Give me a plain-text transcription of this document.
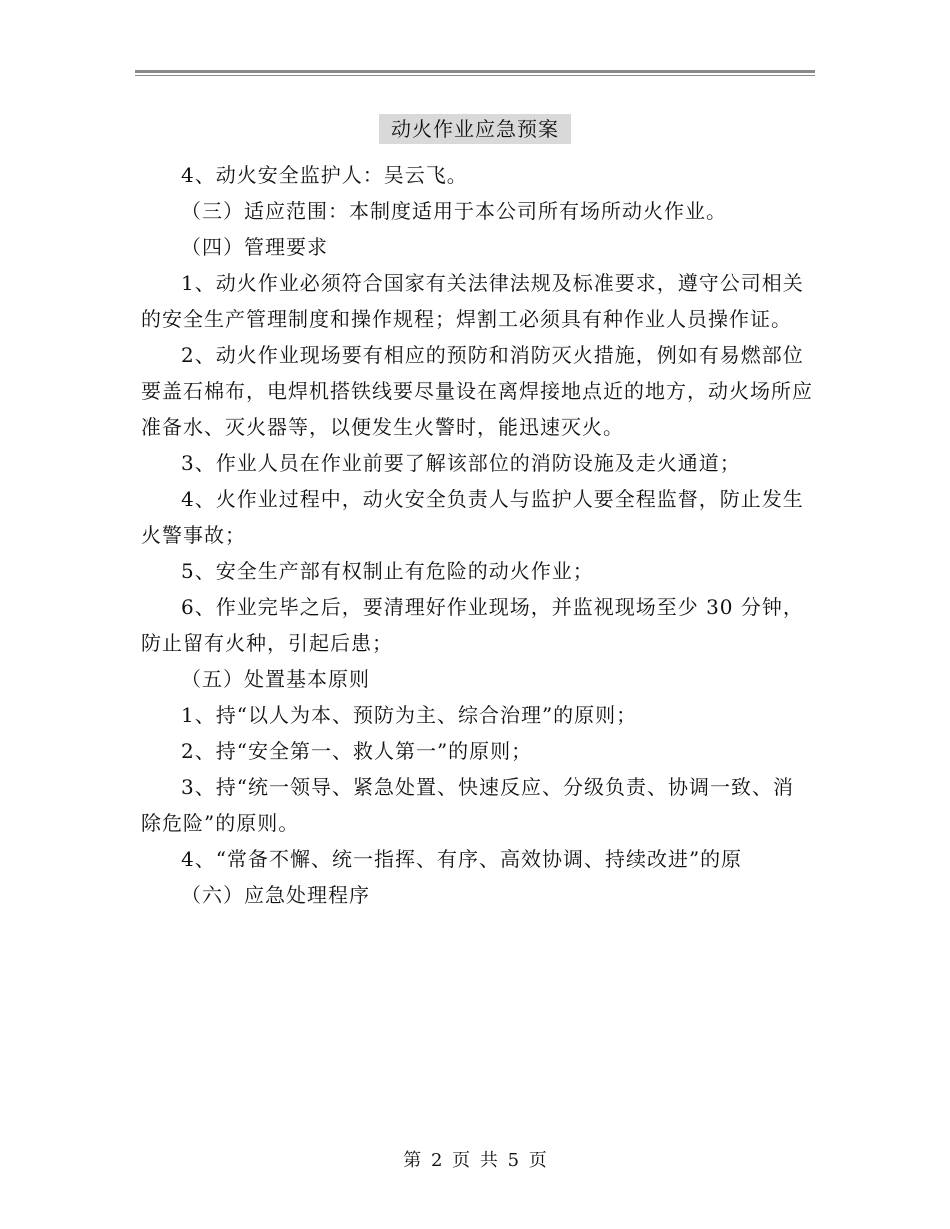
动火作业应急预案

4、动火安全监护人：吴云飞。

（三）适应范围：本制度适用于本公司所有场所动火作业。

（四）管理要求

1、动火作业必须符合国家有关法律法规及标准要求，遵守公司相关的安全生产管理制度和操作规程；焊割工必须具有种作业人员操作证。

2、动火作业现场要有相应的预防和消防灭火措施，例如有易燃部位要盖石棉布，电焊机搭铁线要尽量设在离焊接地点近的地方，动火场所应准备水、灭火器等，以便发生火警时，能迅速灭火。

3、作业人员在作业前要了解该部位的消防设施及走火通道；

4、火作业过程中，动火安全负责人与监护人要全程监督，防止发生火警事故；

5、安全生产部有权制止有危险的动火作业；

6、作业完毕之后，要清理好作业现场，并监视现场至少 30 分钟，防止留有火种，引起后患；

（五）处置基本原则

1、持“以人为本、预防为主、综合治理”的原则；

2、持“安全第一、救人第一”的原则；

3、持“统一领导、紧急处置、快速反应、分级负责、协调一致、消除危险”的原则。

4、“常备不懈、统一指挥、有序、高效协调、持续改进”的原

（六）应急处理程序

第 2 页 共 5 页
